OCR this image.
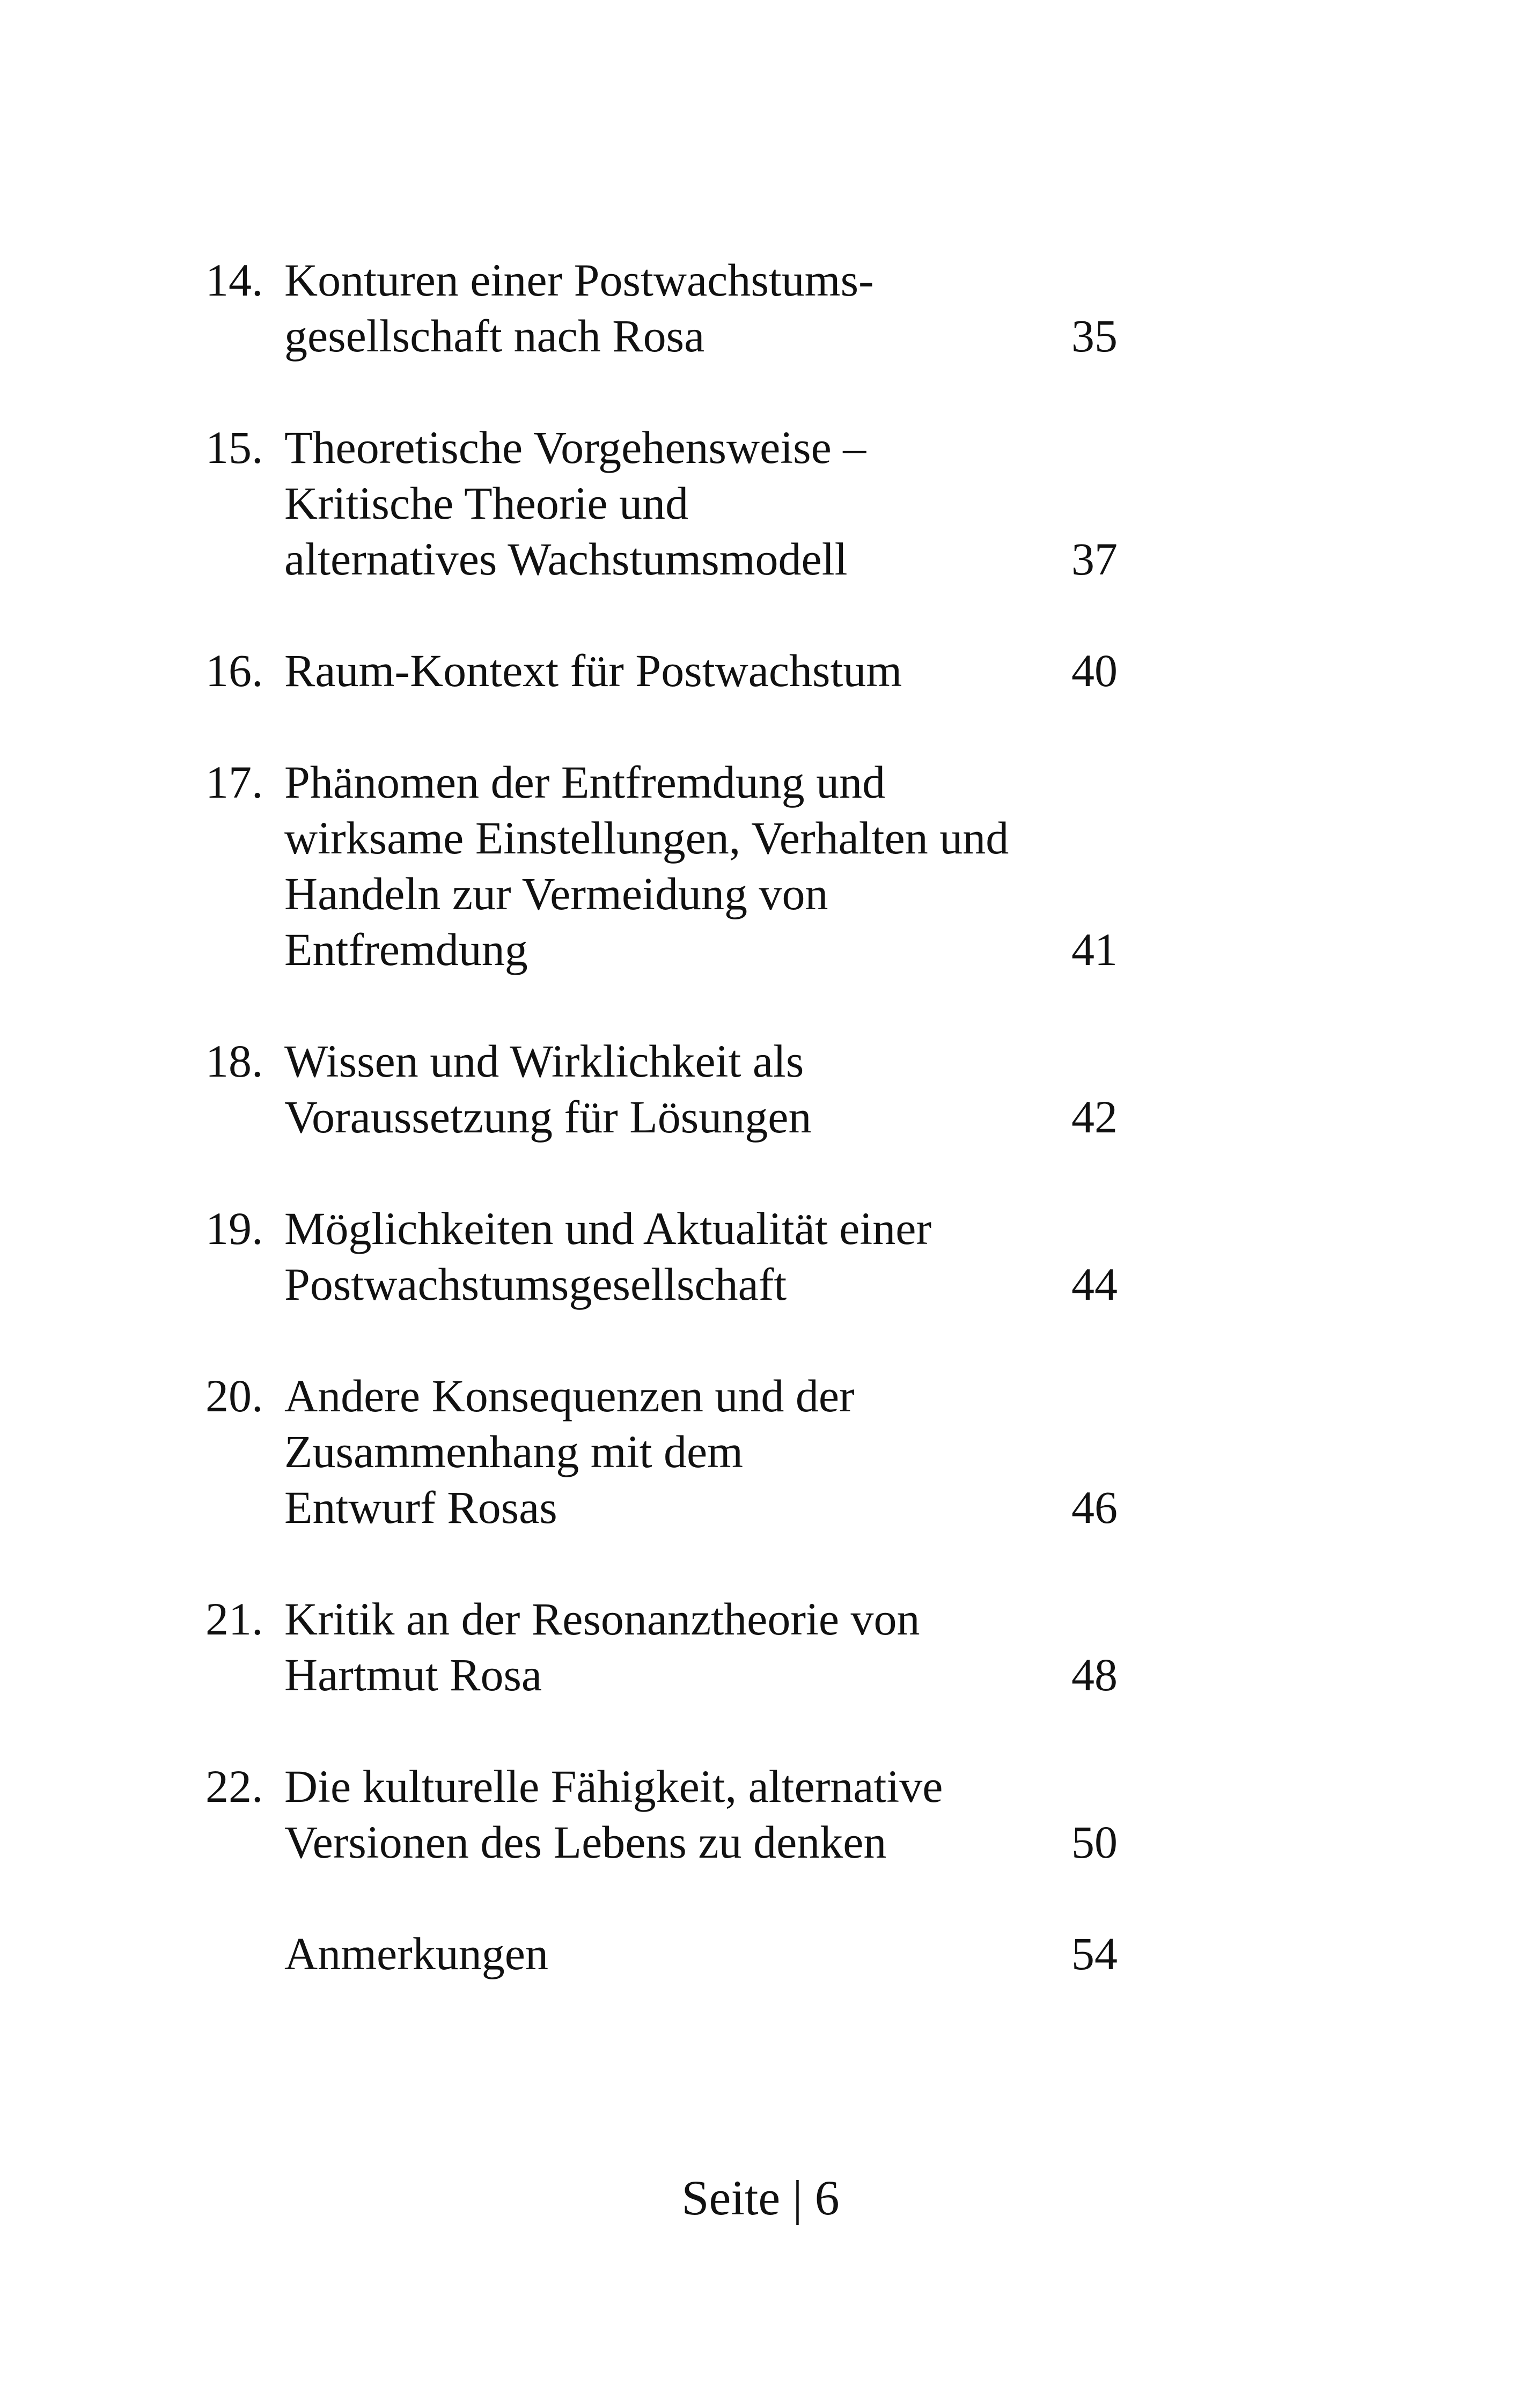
14. Konturen einer Postwachstums-
gesellschaft nach Rosa	35
15. Theoretische Vorgehensweise –
Kritische Theorie und
alternatives Wachstumsmodell	37
16. Raum-Kontext für Postwachstum	40
17. Phänomen der Entfremdung und
wirksame Einstellungen, Verhalten und
Handeln zur Vermeidung von
Entfremdung	41
18. Wissen und Wirklichkeit als
Voraussetzung für Lösungen	42
19. Möglichkeiten und Aktualität einer
Postwachstumsgesellschaft	44
20. Andere Konsequenzen und der
Zusammenhang mit dem
Entwurf Rosas	46
21. Kritik an der Resonanztheorie von
Hartmut Rosa	48
22. Die kulturelle Fähigkeit, alternative
Versionen des Lebens zu denken	50
Anmerkungen	54
Seite | 6
